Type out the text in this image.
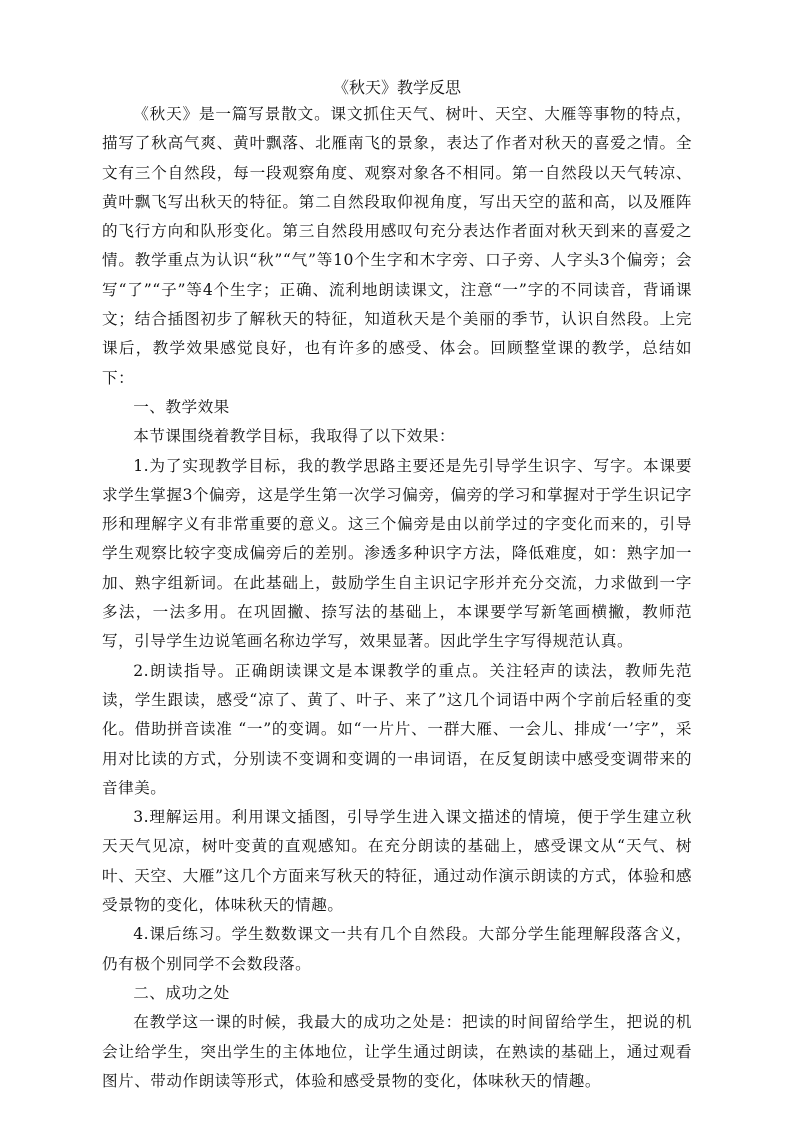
《秋天》教学反思

《秋天》是一篇写景散文。课文抓住天气、树叶、天空、大雁等事物的特点，描写了秋高气爽、黄叶飘落、北雁南飞的景象，表达了作者对秋天的喜爱之情。全文有三个自然段，每一段观察角度、观察对象各不相同。第一自然段以天气转凉、黄叶飘飞写出秋天的特征。第二自然段取仰视角度，写出天空的蓝和高，以及雁阵的飞行方向和队形变化。第三自然段用感叹句充分表达作者面对秋天到来的喜爱之情。教学重点为认识“秋”“气”等10个生字和木字旁、口子旁、人字头3个偏旁；会写“了”“子”等4个生字；正确、流利地朗读课文，注意“一”字的不同读音，背诵课文；结合插图初步了解秋天的特征，知道秋天是个美丽的季节，认识自然段。上完课后，教学效果感觉良好，也有许多的感受、体会。回顾整堂课的教学，总结如下：

一、教学效果

本节课围绕着教学目标，我取得了以下效果：

1.为了实现教学目标，我的教学思路主要还是先引导学生识字、写字。本课要求学生掌握3个偏旁，这是学生第一次学习偏旁，偏旁的学习和掌握对于学生识记字形和理解字义有非常重要的意义。这三个偏旁是由以前学过的字变化而来的，引导学生观察比较字变成偏旁后的差别。渗透多种识字方法，降低难度，如：熟字加一加、熟字组新词。在此基础上，鼓励学生自主识记字形并充分交流，力求做到一字多法，一法多用。在巩固撇、捺写法的基础上，本课要学写新笔画横撇，教师范写，引导学生边说笔画名称边学写，效果显著。因此学生字写得规范认真。

2.朗读指导。正确朗读课文是本课教学的重点。关注轻声的读法，教师先范读，学生跟读，感受“凉了、黄了、叶子、来了”这几个词语中两个字前后轻重的变化。借助拼音读准 “一”的变调。如“一片片、一群大雁、一会儿、排成‘一’字”，采用对比读的方式，分别读不变调和变调的一串词语，在反复朗读中感受变调带来的音律美。

3.理解运用。利用课文插图，引导学生进入课文描述的情境，便于学生建立秋天天气见凉，树叶变黄的直观感知。在充分朗读的基础上，感受课文从“天气、树叶、天空、大雁”这几个方面来写秋天的特征，通过动作演示朗读的方式，体验和感受景物的变化，体味秋天的情趣。

4.课后练习。学生数数课文一共有几个自然段。大部分学生能理解段落含义，仍有极个别同学不会数段落。

二、成功之处

在教学这一课的时候，我最大的成功之处是：把读的时间留给学生，把说的机会让给学生，突出学生的主体地位，让学生通过朗读，在熟读的基础上，通过观看图片、带动作朗读等形式，体验和感受景物的变化，体味秋天的情趣。
